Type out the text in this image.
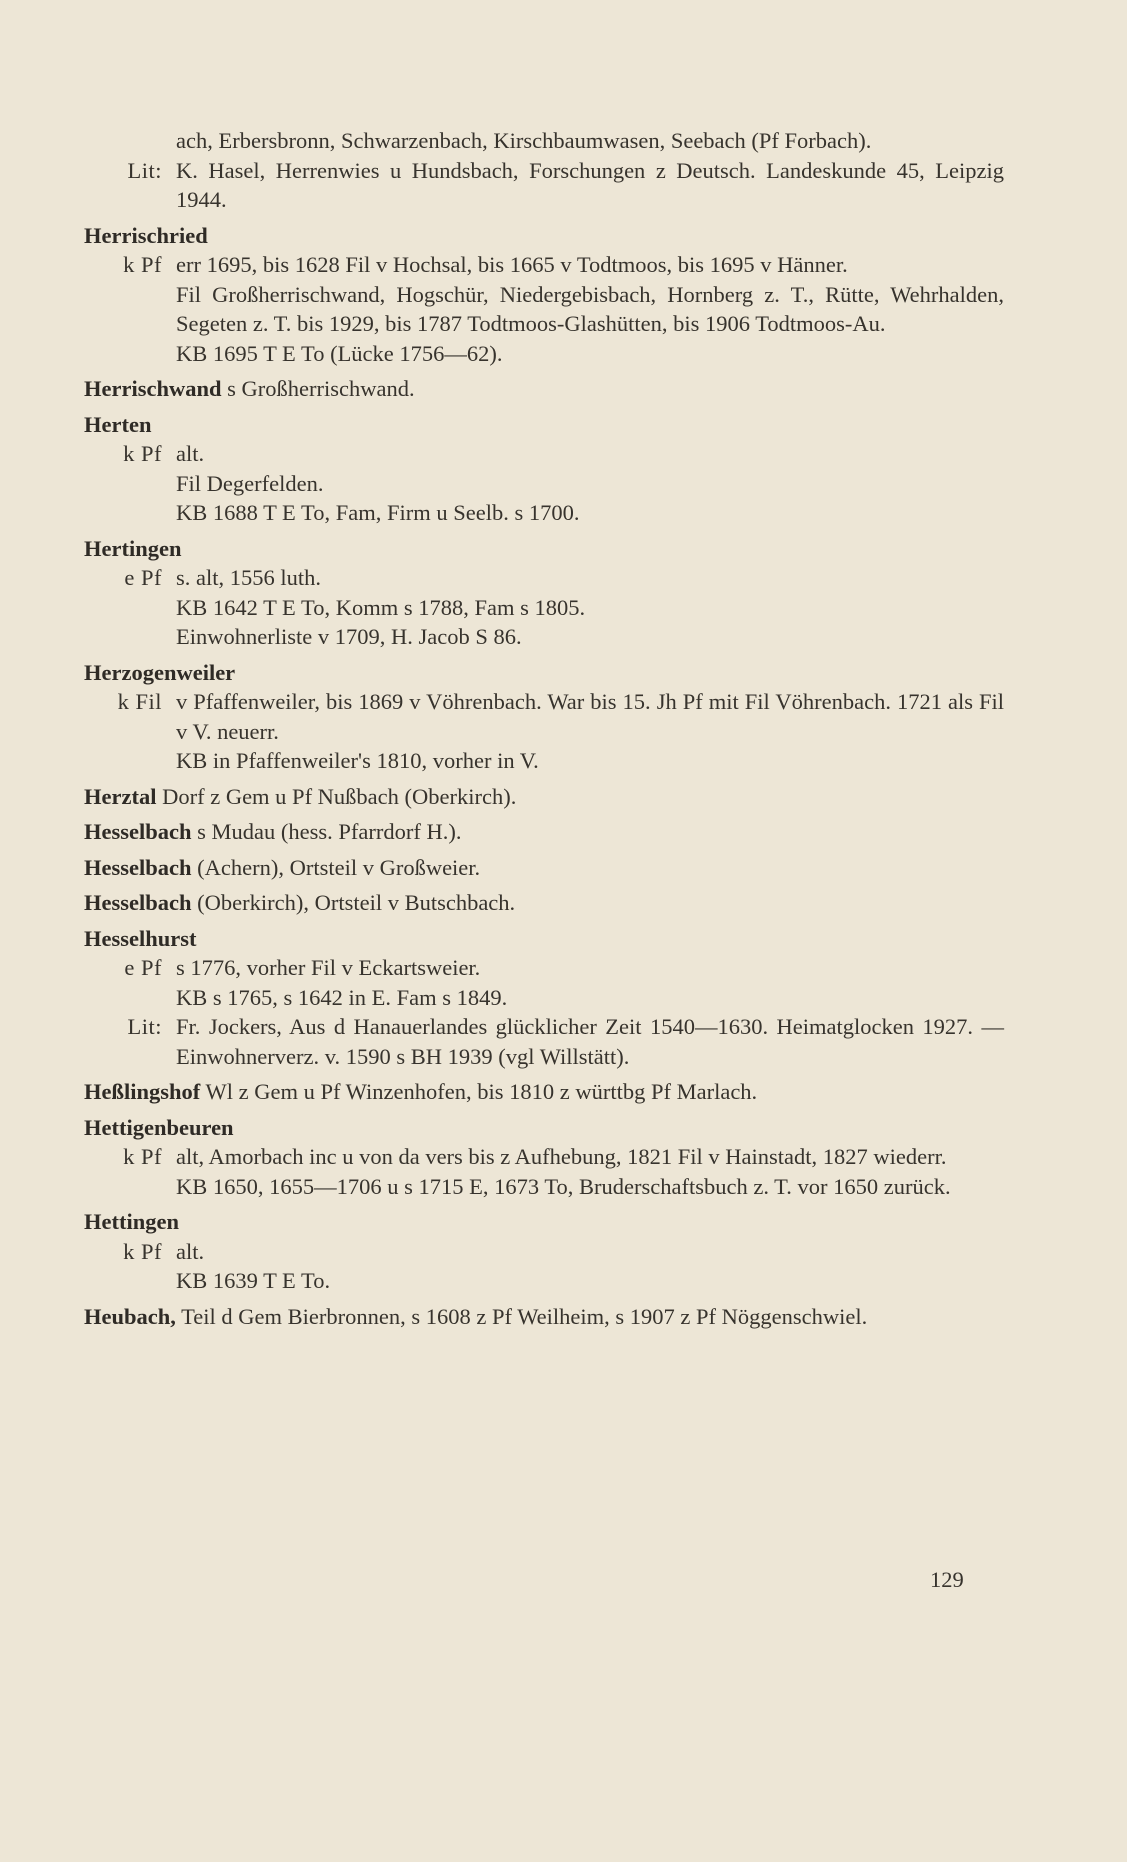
ach, Erbersbronn, Schwarzenbach, Kirschbaumwasen, Seebach (Pf Forbach).
Lit: K. Hasel, Herrenwies u Hundsbach, Forschungen z Deutsch. Landeskunde 45, Leipzig 1944.
Herrischried
k Pf err 1695, bis 1628 Fil v Hochsal, bis 1665 v Todtmoos, bis 1695 v Hänner.
Fil Großherrischwand, Hogschür, Niedergebisbach, Hornberg z. T., Rütte, Wehrhalden, Segeten z. T. bis 1929, bis 1787 Todtmoos-Glashütten, bis 1906 Todtmoos-Au.
KB 1695 T E To (Lücke 1756—62).
Herrischwand s Großherrischwand.
Herten
k Pf alt.
Fil Degerfelden.
KB 1688 T E To, Fam, Firm u Seelb. s 1700.
Hertingen
e Pf s. alt, 1556 luth.
KB 1642 T E To, Komm s 1788, Fam s 1805.
Einwohnerliste v 1709, H. Jacob S 86.
Herzogenweiler
k Fil v Pfaffenweiler, bis 1869 v Vöhrenbach. War bis 15. Jh Pf mit Fil Vöhrenbach. 1721 als Fil v V. neuerr.
KB in Pfaffenweiler's 1810, vorher in V.
Herztal Dorf z Gem u Pf Nußbach (Oberkirch).
Hesselbach s Mudau (hess. Pfarrdorf H.).
Hesselbach (Achern), Ortsteil v Großweier.
Hesselbach (Oberkirch), Ortsteil v Butschbach.
Hesselhurst
e Pf s 1776, vorher Fil v Eckartsweier.
KB s 1765, s 1642 in E. Fam s 1849.
Lit: Fr. Jockers, Aus d Hanauerlandes glücklicher Zeit 1540—1630. Heimatglocken 1927. — Einwohnerverz. v. 1590 s BH 1939 (vgl Willstätt).
Heßlingshof Wl z Gem u Pf Winzenhofen, bis 1810 z württbg Pf Marlach.
Hettigenbeuren
k Pf alt, Amorbach inc u von da vers bis z Aufhebung, 1821 Fil v Hainstadt, 1827 wiederr.
KB 1650, 1655—1706 u s 1715 E, 1673 To, Bruderschaftsbuch z. T. vor 1650 zurück.
Hettingen
k Pf alt.
KB 1639 T E To.
Heubach, Teil d Gem Bierbronnen, s 1608 z Pf Weilheim, s 1907 z Pf Nöggenschwiel.
129
